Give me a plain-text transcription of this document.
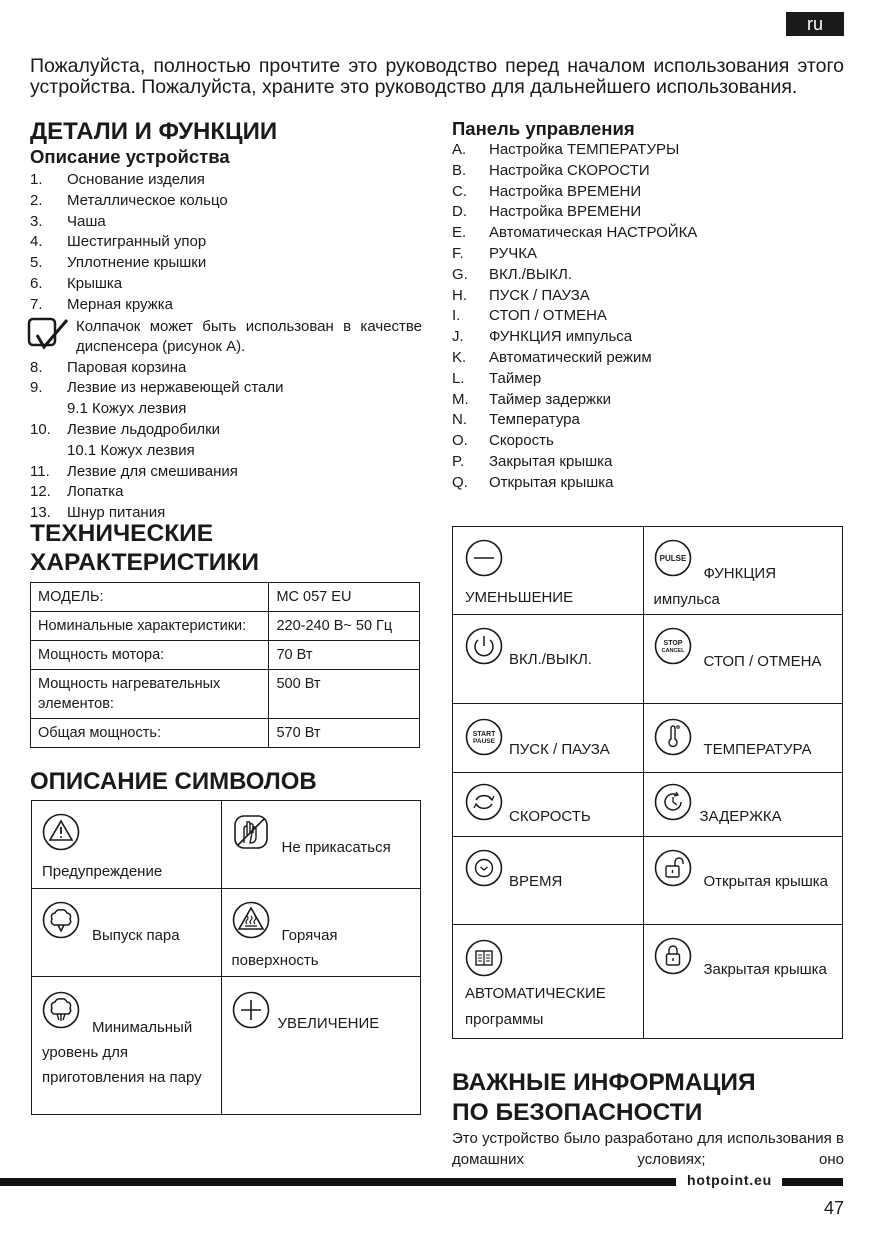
ru
Пожалуйста, полностью прочтите это руководство перед началом использования этого устройства. Пожалуйста, храните это руководство для дальнейшего использования.
ДЕТАЛИ И ФУНКЦИИ
Описание устройства
1. Основание изделия
2. Металлическое кольцо
3. Чаша
4. Шестигранный упор
5. Уплотнение крышки
6. Крышка
7. Мерная кружка
Колпачок может быть использован в качестве диспенсера (рисунок A).
8. Паровая корзина
9. Лезвие из нержавеющей стали
9.1 Кожух лезвия
10. Лезвие льдодробилки
10.1 Кожух лезвия
11. Лезвие для смешивания
12. Лопатка
13. Шнур питания
Панель управления
A. Настройка ТЕМПЕРАТУРЫ
B. Настройка СКОРОСТИ
C. Настройка ВРЕМЕНИ
D. Настройка ВРЕМЕНИ
E. Автоматическая НАСТРОЙКА
F. РУЧКА
G. ВКЛ./ВЫКЛ.
H. ПУСК / ПАУЗА
I. СТОП / ОТМЕНА
J. ФУНКЦИЯ импульса
K. Автоматический режим
L. Таймер
M. Таймер задержки
N. Температура
O. Скорость
P. Закрытая крышка
Q. Открытая крышка
ТЕХНИЧЕСКИЕ
ХАРАКТЕРИСТИКИ
МОДЕЛЬ:	MC 057 EU
Номинальные характеристики:	220-240 В~ 50 Гц
Мощность мотора:	70 Вт
Мощность нагревательных элементов:	500 Вт
Общая мощность:	570 Вт
ОПИСАНИЕ СИМВОЛОВ
Предупреждение	Не прикасаться

Выпуск пара	Горячая
поверхность

Минимальный уровень для приготовления на пару	УВЕЛИЧЕНИЕ
УМЕНЬШЕНИЕ	PULSE
ФУНКЦИЯ импульса

ВКЛ./ВЫКЛ.	STOP
CANCEL
СТОП / ОТМЕНА

START
PAUSE ПУСК / ПАУЗА	ТЕМПЕРАТУРА

СКОРОСТЬ	ЗАДЕРЖКА

ВРЕМЯ	Открытая крышка

АВТОМАТИЧЕСКИЕ программы	Закрытая крышка
ВАЖНЫЕ ИНФОРМАЦИЯ
ПО БЕЗОПАСНОСТИ
Это устройство было разработано для использования в домашних условиях; оно
hotpoint.eu
47
